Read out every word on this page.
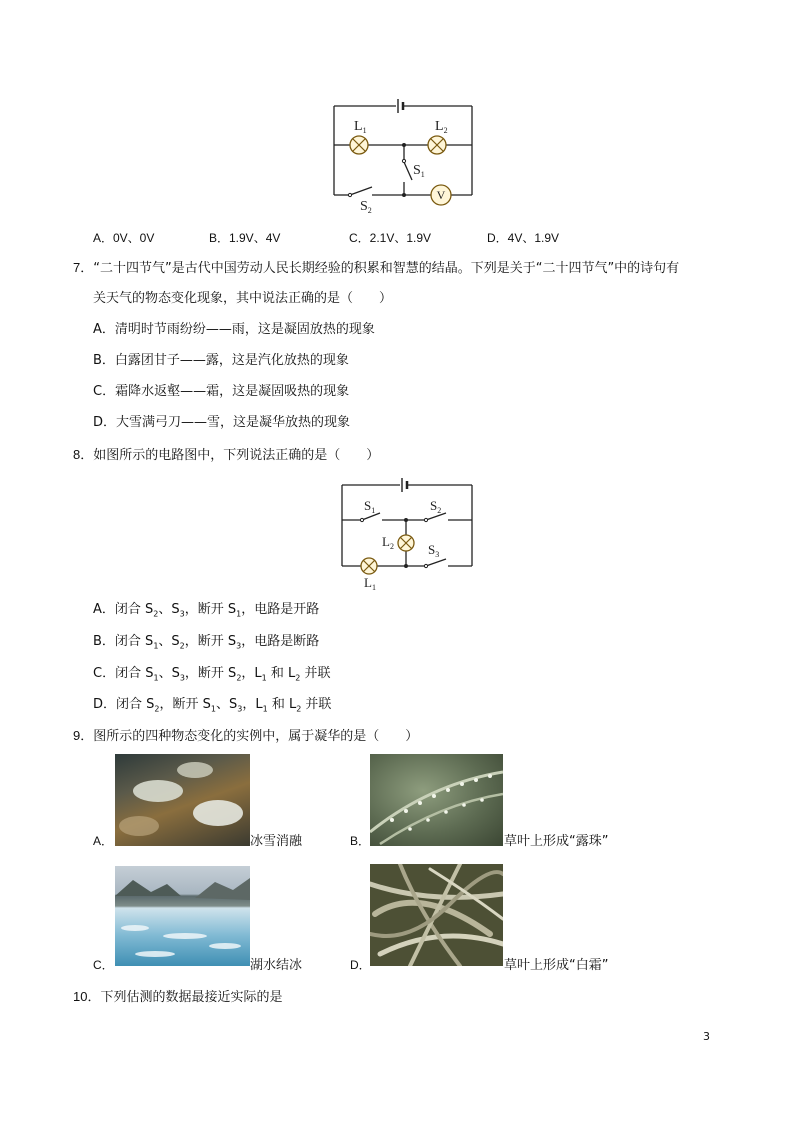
V
$L_1$	$L_2$
$S_1$
$S_2$
A．0V、0V	B．1.9V、4V	C．2.1V、1.9V	D．4V、1.9V
7．“二十四节气”是古代中国劳动人民长期经验的积累和智慧的结晶。下列是关于“二十四节气”中的诗句有
关天气的物态变化现象，其中说法正确的是（　　）
A．清明时节雨纷纷——雨，这是凝固放热的现象
B．白露团甘子——露，这是汽化放热的现象
C．霜降水返壑——霜，这是凝固吸热的现象
D．大雪满弓刀——雪，这是凝华放热的现象
8．如图所示的电路图中，下列说法正确的是（　　）
$S_1$	$S_2$
$L_2$	$S_3$
$L_1$
A．闭合 $S_2$、$S_3$，断开 $S_1$，电路是开路
B．闭合 $S_1$、$S_2$，断开 $S_3$，电路是断路
C．闭合 $S_1$、$S_3$，断开 $S_2$，$L_1$ 和 $L_2$ 并联
D．闭合 $S_2$，断开 $S_1$、$S_3$，$L_1$ 和 $L_2$ 并联
9．图所示的四种物态变化的实例中，属于凝华的是（　　）
A．	冰雪消融	B．	草叶上形成“露珠”
C．	湖水结冰	D．	草叶上形成“白霜”
10．下列估测的数据最接近实际的是
3
